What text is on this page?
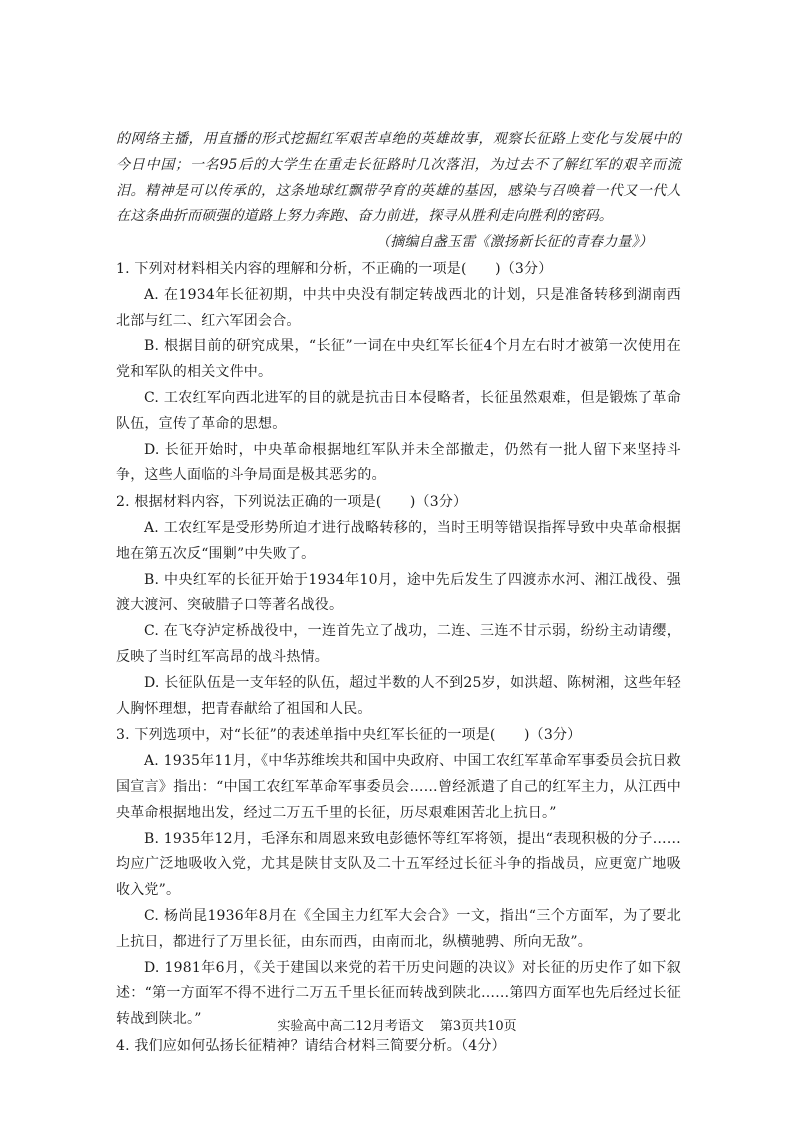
的网络主播，用直播的形式挖掘红军艰苦卓绝的英雄故事，观察长征路上变化与发展中的今日中国；一名95后的大学生在重走长征路时几次落泪，为过去不了解红军的艰辛而流泪。精神是可以传承的，这条地球红飘带孕育的英雄的基因，感染与召唤着一代又一代人在这条曲折而硕强的道路上努力奔跑、奋力前进，探寻从胜利走向胜利的密码。

（摘编自盏玉雷《激扬新长征的青春力量》）

1. 下列对材料相关内容的理解和分析，不正确的一项是(　　)（3分）

A. 在1934年长征初期，中共中央没有制定转战西北的计划，只是准备转移到湖南西北部与红二、红六军团会合。

B. 根据目前的研究成果，“长征”一词在中央红军长征4个月左右时才被第一次使用在党和军队的相关文件中。

C. 工农红军向西北进军的目的就是抗击日本侵略者，长征虽然艰难，但是锻炼了革命队伍，宣传了革命的思想。

D. 长征开始时，中央革命根据地红军队并未全部撤走，仍然有一批人留下来坚持斗争，这些人面临的斗争局面是极其恶劣的。

2. 根据材料内容，下列说法正确的一项是(　　)（3分）

A. 工农红军是受形势所迫才进行战略转移的，当时王明等错误指挥导致中央革命根据地在第五次反“围剿”中失败了。

B. 中央红军的长征开始于1934年10月，途中先后发生了四渡赤水河、湘江战役、强渡大渡河、突破腊子口等著名战役。

C. 在飞夺泸定桥战役中，一连首先立了战功，二连、三连不甘示弱，纷纷主动请缨，反映了当时红军高昂的战斗热情。

D. 长征队伍是一支年轻的队伍，超过半数的人不到25岁，如洪超、陈树湘，这些年轻人胸怀理想，把青春献给了祖国和人民。

3. 下列选项中，对“长征”的表述单指中央红军长征的一项是(　　)（3分）

A. 1935年11月，《中华苏维埃共和国中央政府、中国工农红军革命军事委员会抗日救国宣言》指出：“中国工农红军革命军事委员会……曾经派遣了自己的红军主力，从江西中央革命根据地出发，经过二万五千里的长征，历尽艰难困苦北上抗日。”

B. 1935年12月，毛泽东和周恩来致电彭德怀等红军将领，提出“表现积极的分子……均应广泛地吸收入党，尤其是陕甘支队及二十五军经过长征斗争的指战员，应更宽广地吸收入党”。

C. 杨尚昆1936年8月在《全国主力红军大会合》一文，指出“三个方面军，为了要北上抗日，都进行了万里长征，由东而西，由南而北，纵横驰骋、所向无敌”。

D. 1981年6月，《关于建国以来党的若干历史问题的决议》对长征的历史作了如下叙述：“第一方面军不得不进行二万五千里长征而转战到陕北……第四方面军也先后经过长征转战到陕北。”

4. 我们应如何弘扬长征精神？请结合材料三简要分析。（4分）

实验高中高二12月考语文 第3页共10页
